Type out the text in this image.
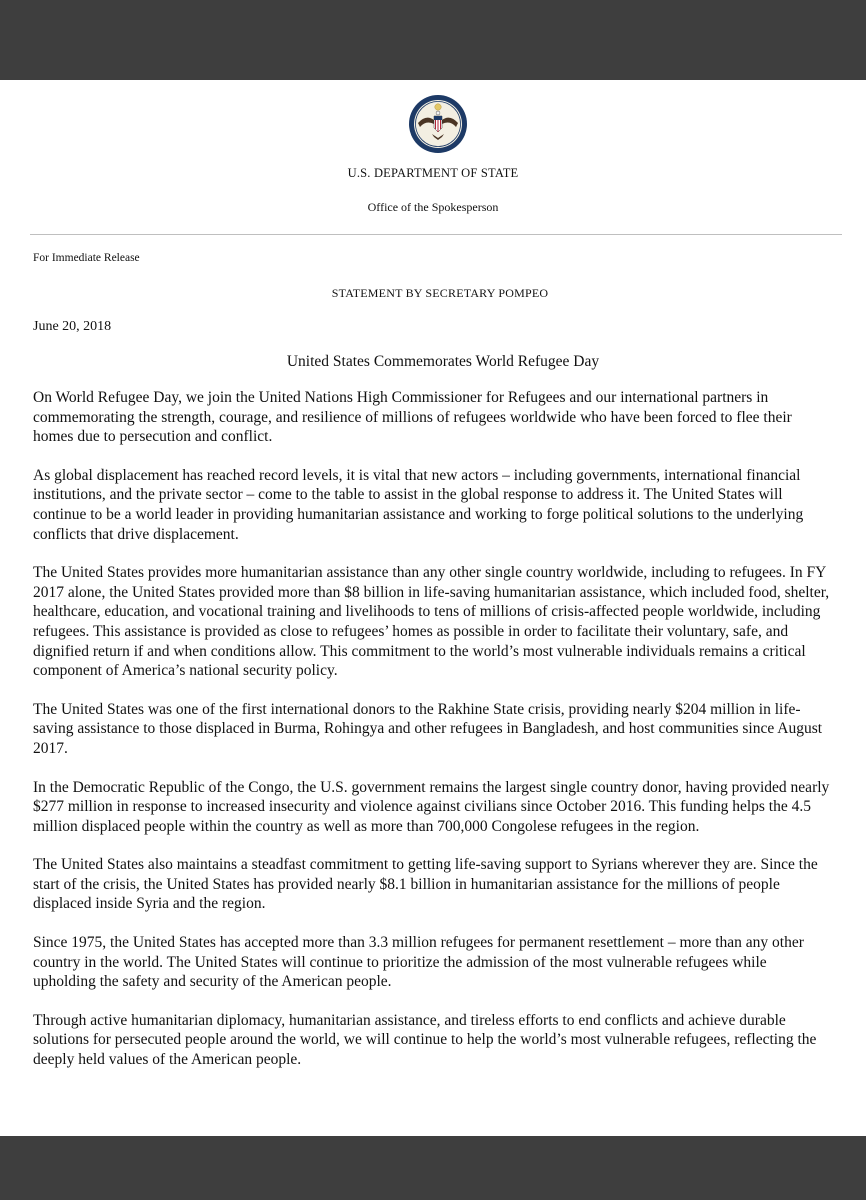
U.S. DEPARTMENT OF STATE
Office of the Spokesperson
For Immediate Release
STATEMENT BY SECRETARY POMPEO
June 20, 2018
United States Commemorates World Refugee Day

On World Refugee Day, we join the United Nations High Commissioner for Refugees and our international partners in commemorating the strength, courage, and resilience of millions of refugees worldwide who have been forced to flee their homes due to persecution and conflict.

As global displacement has reached record levels, it is vital that new actors – including governments, international financial institutions, and the private sector – come to the table to assist in the global response to address it. The United States will continue to be a world leader in providing humanitarian assistance and working to forge political solutions to the underlying conflicts that drive displacement.

The United States provides more humanitarian assistance than any other single country worldwide, including to refugees. In FY 2017 alone, the United States provided more than $8 billion in life-saving humanitarian assistance, which included food, shelter, healthcare, education, and vocational training and livelihoods to tens of millions of crisis-affected people worldwide, including refugees. This assistance is provided as close to refugees’ homes as possible in order to facilitate their voluntary, safe, and dignified return if and when conditions allow. This commitment to the world’s most vulnerable individuals remains a critical component of America’s national security policy.

The United States was one of the first international donors to the Rakhine State crisis, providing nearly $204 million in life-saving assistance to those displaced in Burma, Rohingya and other refugees in Bangladesh, and host communities since August 2017.

In the Democratic Republic of the Congo, the U.S. government remains the largest single country donor, having provided nearly $277 million in response to increased insecurity and violence against civilians since October 2016. This funding helps the 4.5 million displaced people within the country as well as more than 700,000 Congolese refugees in the region.

The United States also maintains a steadfast commitment to getting life-saving support to Syrians wherever they are. Since the start of the crisis, the United States has provided nearly $8.1 billion in humanitarian assistance for the millions of people displaced inside Syria and the region.

Since 1975, the United States has accepted more than 3.3 million refugees for permanent resettlement – more than any other country in the world. The United States will continue to prioritize the admission of the most vulnerable refugees while upholding the safety and security of the American people.

Through active humanitarian diplomacy, humanitarian assistance, and tireless efforts to end conflicts and achieve durable solutions for persecuted people around the world, we will continue to help the world’s most vulnerable refugees, reflecting the deeply held values of the American people.
